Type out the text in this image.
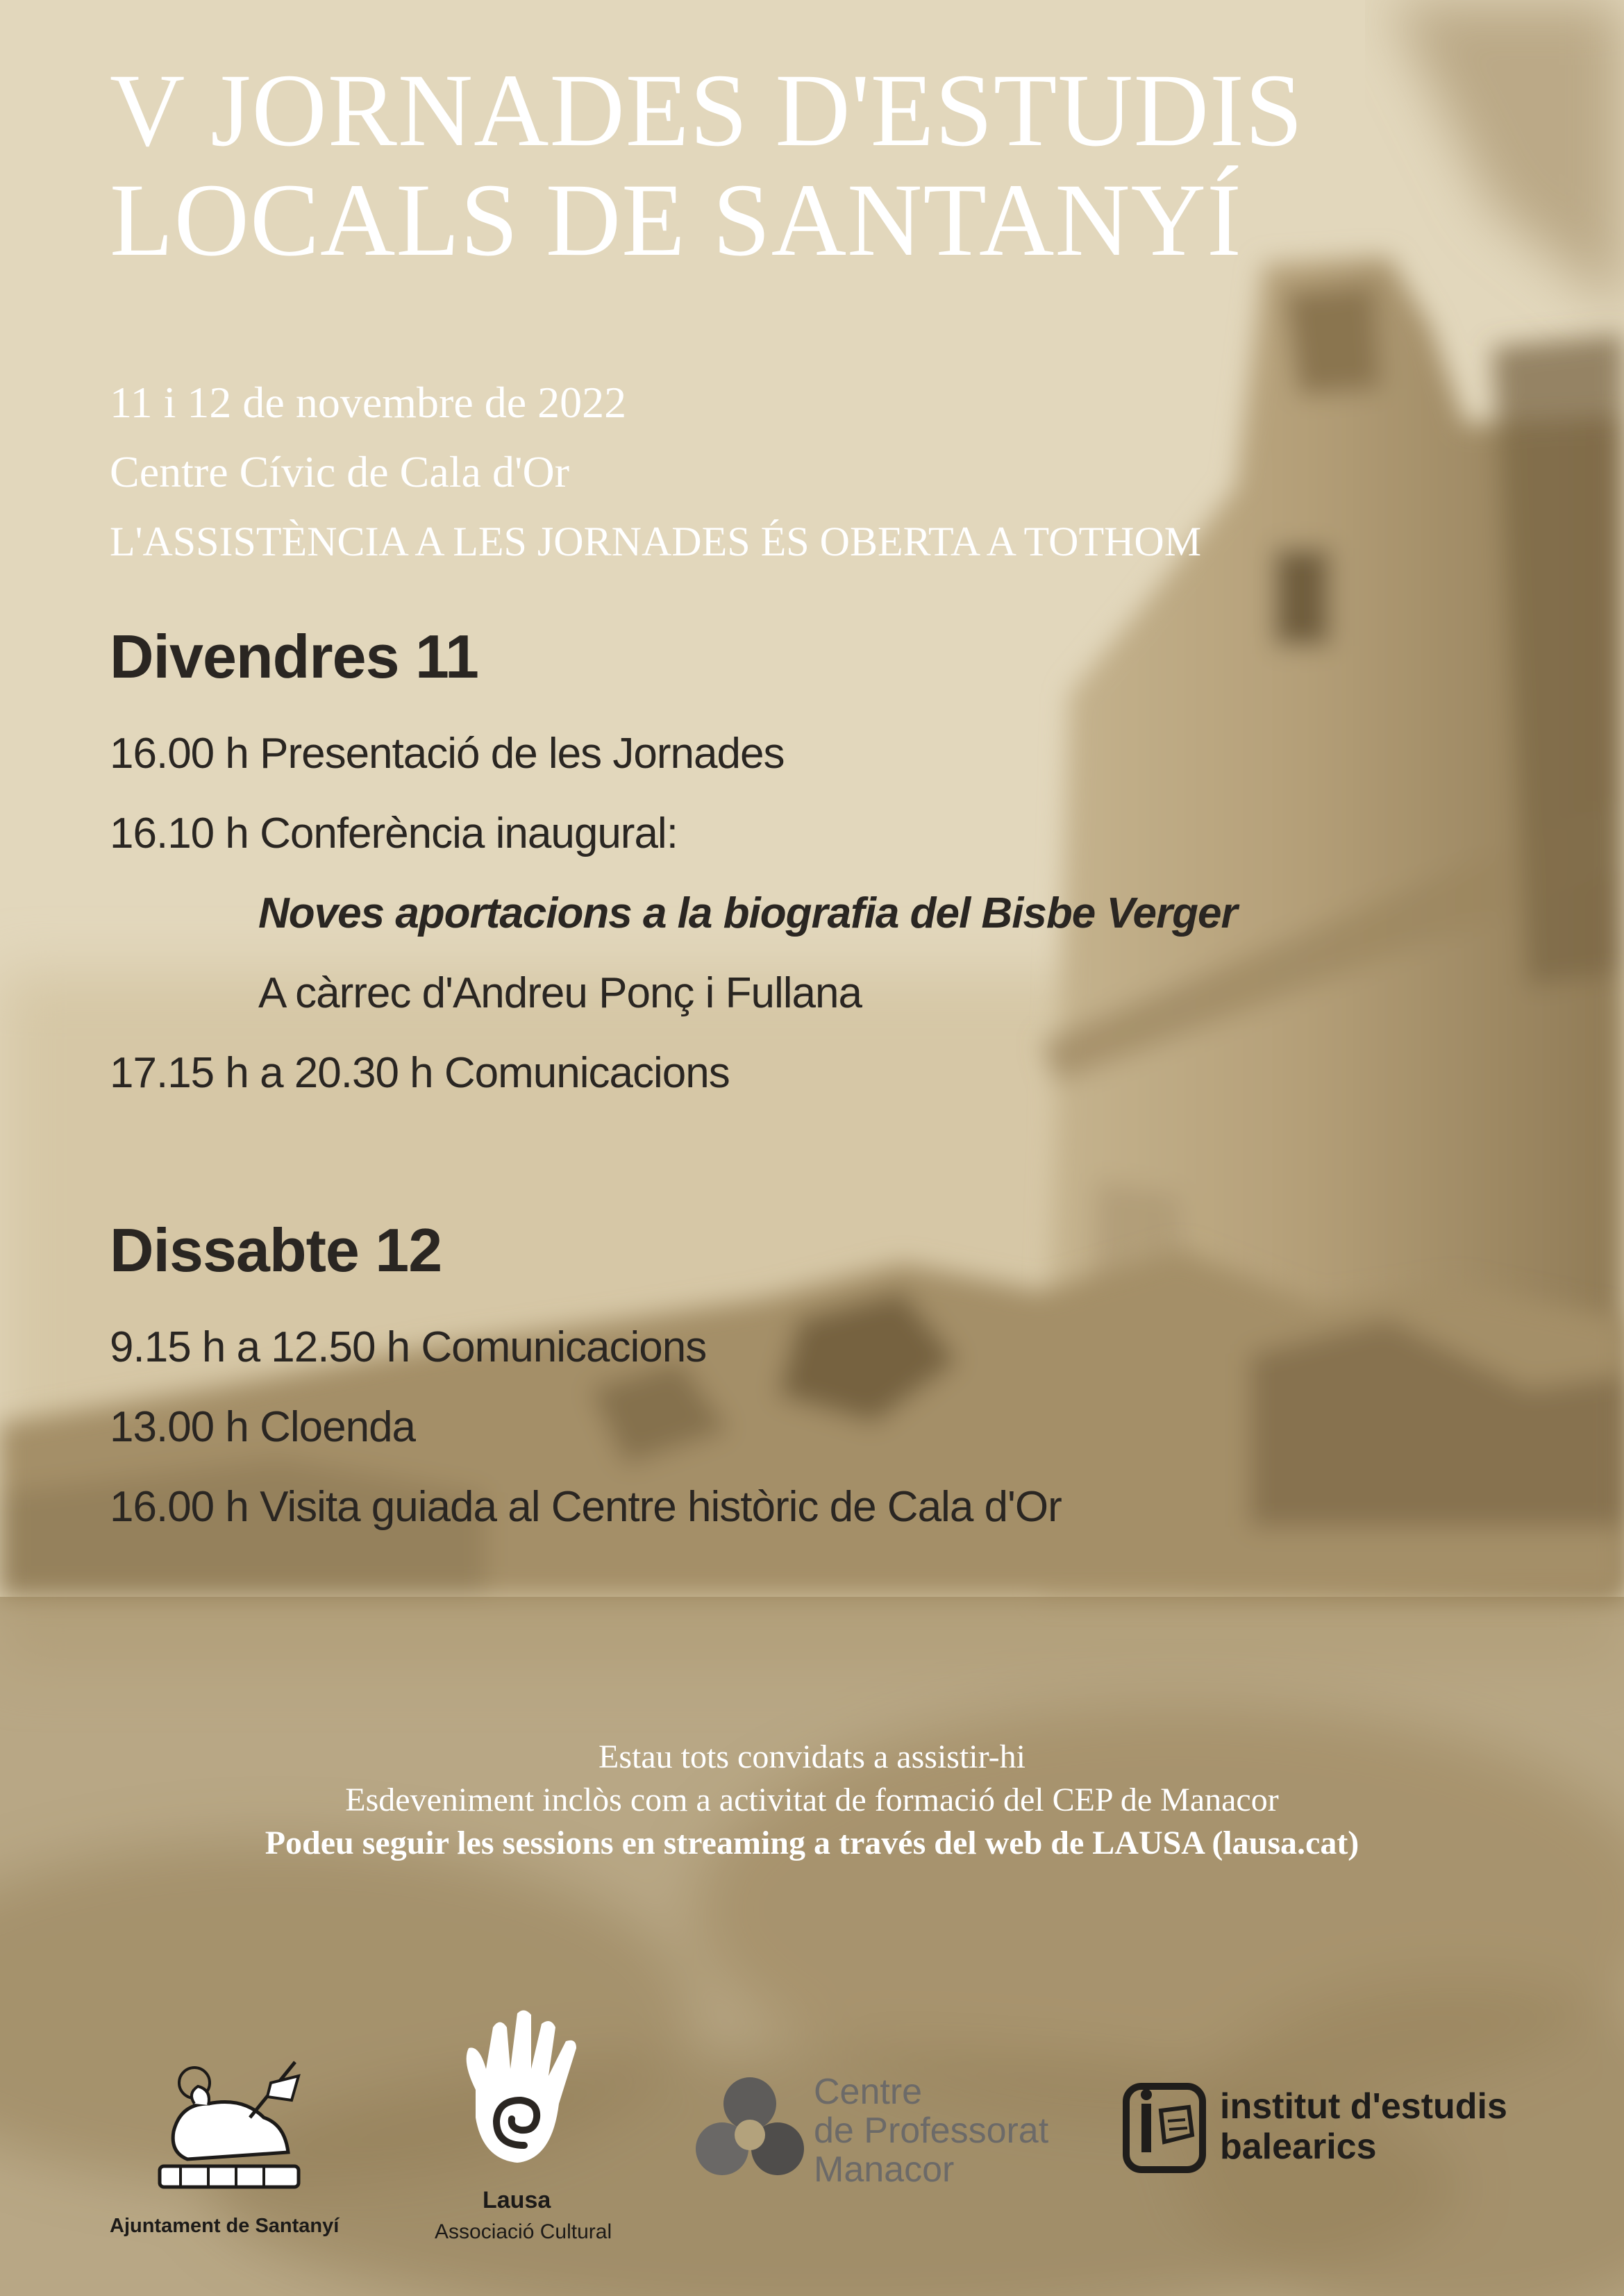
V JORNADES D'ESTUDIS
LOCALS DE SANTANYÍ
11 i 12 de novembre de 2022
Centre Cívic de Cala d'Or
L'ASSISTÈNCIA A LES JORNADES ÉS OBERTA A TOTHOM
Divendres 11
16.00 h Presentació de les Jornades
16.10 h Conferència inaugural:
Noves aportacions a la biografia del Bisbe Verger
A càrrec d'Andreu Ponç i Fullana
17.15 h a 20.30 h Comunicacions
Dissabte 12
9.15 h a 12.50 h Comunicacions
13.00 h Cloenda
16.00 h Visita guiada al Centre històric de Cala d'Or
Estau tots convidats a assistir-hi
Esdeveniment inclòs com a activitat de formació del CEP de Manacor
Podeu seguir les sessions en streaming a través del web de LAUSA (lausa.cat)
Ajuntament de Santanyí
Lausa
Associació Cultural
Centre
de Professorat
Manacor
institut d'estudis
balearics
